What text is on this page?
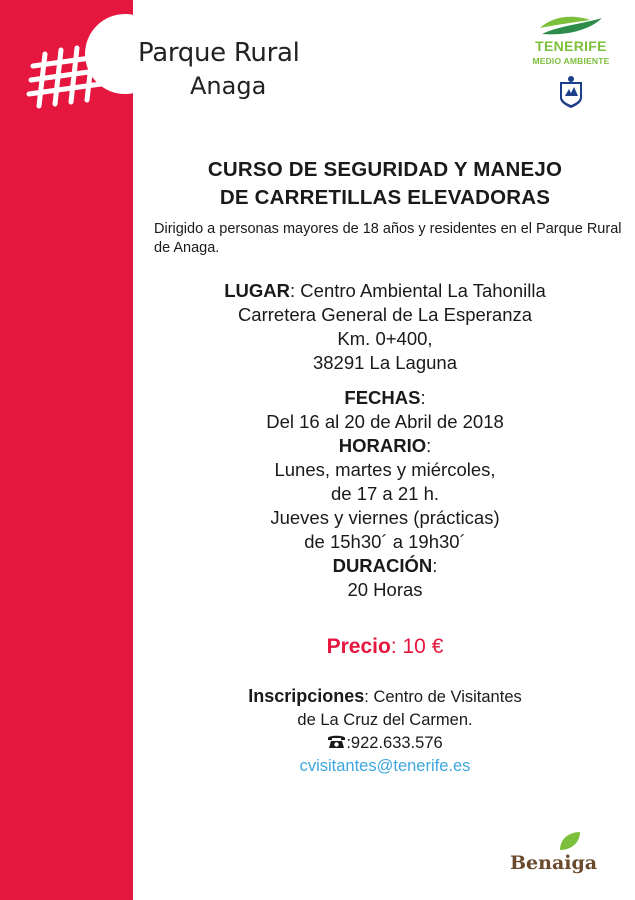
Parque Rural
Anaga
TENERIFE
MEDIO AMBIENTE
CURSO DE SEGURIDAD Y MANEJO
DE CARRETILLAS ELEVADORAS
Dirigido a personas mayores de 18 años y residentes en el Parque Rural de Anaga.
LUGAR: Centro Ambiental La Tahonilla
Carretera General de La Esperanza
Km. 0+400,
38291 La Laguna
FECHAS:
Del 16 al 20 de Abril de 2018
HORARIO:
Lunes, martes y miércoles,
de 17 a 21 h.
Jueves y viernes (prácticas)
de 15h30´ a 19h30´
DURACIÓN:
20 Horas
Precio: 10 €
Inscripciones: Centro de Visitantes
de La Cruz del Carmen.
:922.633.576
cvisitantes@tenerife.es
Benaiga
